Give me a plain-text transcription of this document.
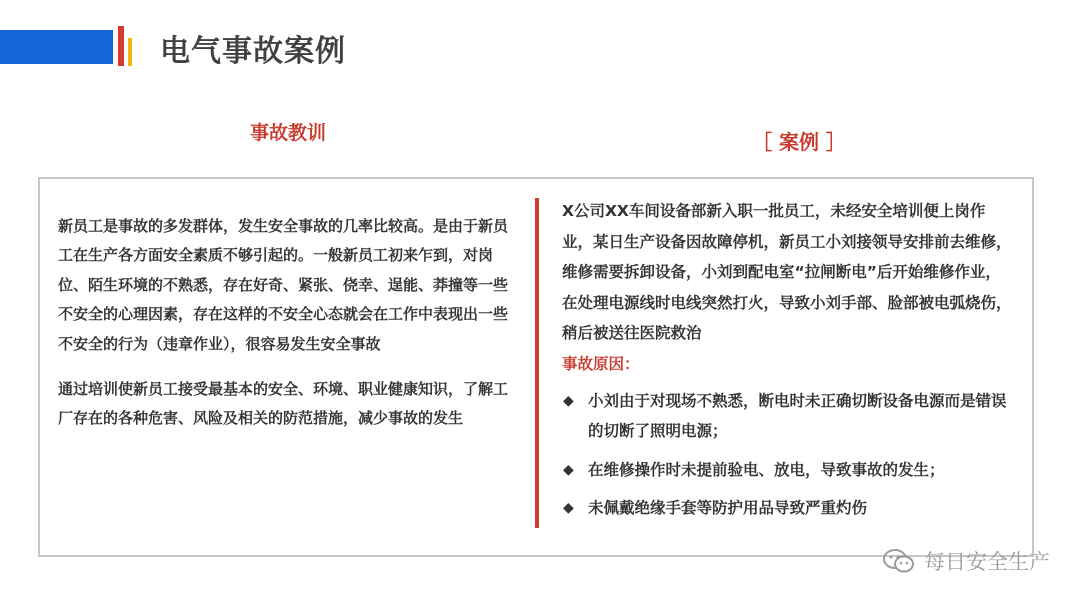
电气事故案例
事故教训	［ 案例 ］

新员工是事故的多发群体，发生安全事故的几率比较高。是由于新员工在生产各方面安全素质不够引起的。一般新员工初来乍到，对岗位、陌生环境的不熟悉，存在好奇、紧张、侥幸、逞能、莽撞等一些不安全的心理因素，存在这样的不安全心态就会在工作中表现出一些不安全的行为（违章作业），很容易发生安全事故

通过培训使新员工接受最基本的安全、环境、职业健康知识，了解工厂存在的各种危害、风险及相关的防范措施，减少事故的发生

X公司XX车间设备部新入职一批员工，未经安全培训便上岗作业，某日生产设备因故障停机，新员工小刘接领导安排前去维修，维修需要拆卸设备，小刘到配电室“拉闸断电”后开始维修作业，在处理电源线时电线突然打火，导致小刘手部、脸部被电弧烧伤，稍后被送往医院救治

事故原因：

◆ 小刘由于对现场不熟悉，断电时未正确切断设备电源而是错误的切断了照明电源；
◆ 在维修操作时未提前验电、放电，导致事故的发生；
◆ 未佩戴绝缘手套等防护用品导致严重灼伤
每日安全生产
